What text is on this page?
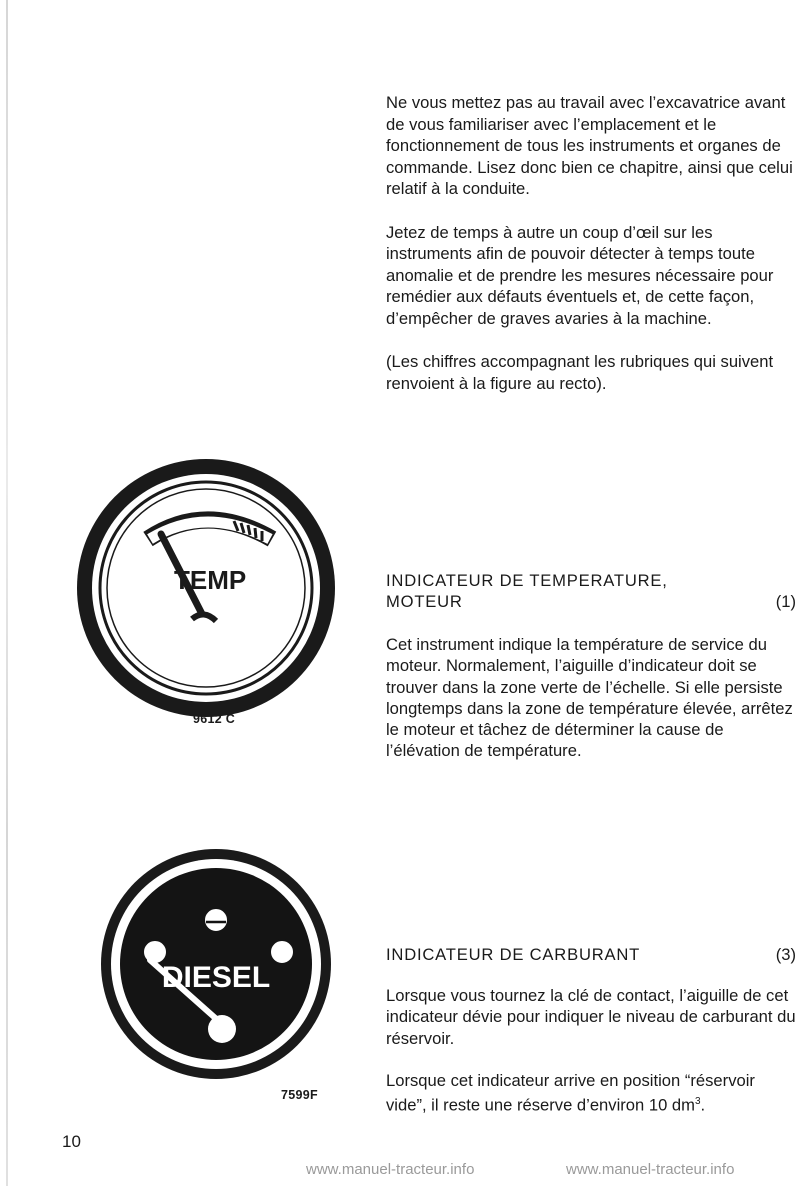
Ne vous mettez pas au travail avec l’excavatrice avant de vous familiariser avec l’emplacement et le fonctionnement de tous les instruments et organes de commande. Lisez donc bien ce chapitre, ainsi que celui relatif à la conduite.

Jetez de temps à autre un coup d’œil sur les instruments afin de pouvoir détecter à temps toute anomalie et de prendre les mesures nécessaire pour remédier aux défauts éventuels et, de cette façon, d’empêcher de graves avaries à la machine.

(Les chiffres accompagnant les rubriques qui suivent renvoient à la figure au recto).

TEMP
9612 C
INDICATEUR DE TEMPERATURE,
MOTEUR	(1)

Cet instrument indique la température de service du moteur. Normalement, l’aiguille d’indicateur doit se trouver dans la zone verte de l’échelle. Si elle persiste longtemps dans la zone de température élevée, arrêtez le moteur et tâchez de déterminer la cause de l’élévation de température.

DIESEL
7599F
INDICATEUR DE CARBURANT	(3)

Lorsque vous tournez la clé de contact, l’aiguille de cet indicateur dévie pour indiquer le niveau de carburant du réservoir.

Lorsque cet indicateur arrive en position “réservoir vide”, il reste une réserve d’environ 10 $dm^3$.

10
www.manuel-tracteur.info	www.manuel-tracteur.info
